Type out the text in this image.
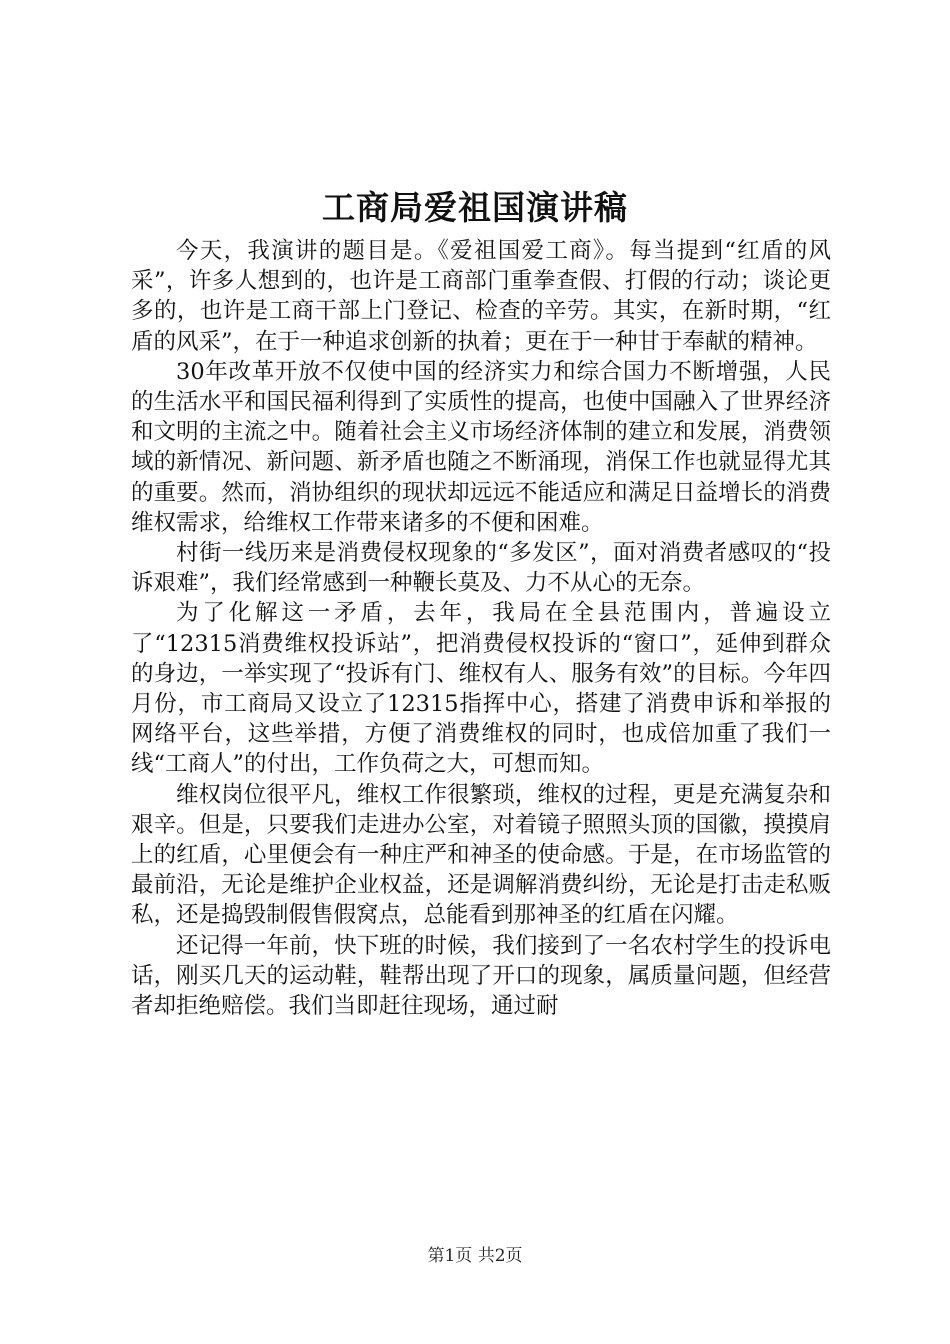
工商局爱祖国演讲稿

今天，我演讲的题目是。《爱祖国爱工商》。每当提到“红盾的风采”，许多人想到的，也许是工商部门重拳查假、打假的行动；谈论更多的，也许是工商干部上门登记、检查的辛劳。其实，在新时期，“红盾的风采”，在于一种追求创新的执着；更在于一种甘于奉献的精神。

30年改革开放不仅使中国的经济实力和综合国力不断增强，人民的生活水平和国民福利得到了实质性的提高，也使中国融入了世界经济和文明的主流之中。随着社会主义市场经济体制的建立和发展，消费领域的新情况、新问题、新矛盾也随之不断涌现，消保工作也就显得尤其的重要。然而，消协组织的现状却远远不能适应和满足日益增长的消费维权需求，给维权工作带来诸多的不便和困难。

村街一线历来是消费侵权现象的“多发区”，面对消费者感叹的“投诉艰难”，我们经常感到一种鞭长莫及、力不从心的无奈。

为了化解这一矛盾，去年，我局在全县范围内，普遍设立了“12315消费维权投诉站”，把消费侵权投诉的“窗口”，延伸到群众的身边，一举实现了“投诉有门、维权有人、服务有效”的目标。今年四月份，市工商局又设立了12315指挥中心，搭建了消费申诉和举报的网络平台，这些举措，方便了消费维权的同时，也成倍加重了我们一线“工商人”的付出，工作负荷之大，可想而知。

维权岗位很平凡，维权工作很繁琐，维权的过程，更是充满复杂和艰辛。但是，只要我们走进办公室，对着镜子照照头顶的国徽，摸摸肩上的红盾，心里便会有一种庄严和神圣的使命感。于是，在市场监管的最前沿，无论是维护企业权益，还是调解消费纠纷，无论是打击走私贩私，还是捣毁制假售假窝点，总能看到那神圣的红盾在闪耀。

还记得一年前，快下班的时候，我们接到了一名农村学生的投诉电话，刚买几天的运动鞋，鞋帮出现了开口的现象，属质量问题，但经营者却拒绝赔偿。我们当即赶往现场，通过耐

第1页 共2页
